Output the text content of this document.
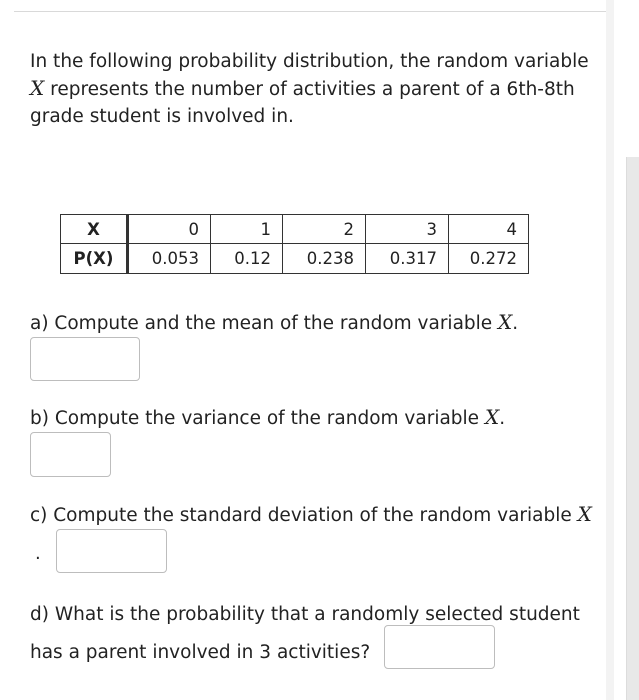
In the following probability distribution, the random variable
X represents the number of activities a parent of a 6th-8th grade student is involved in.
X	0	1	2	3	4
P(X)	0.053	0.12	0.238	0.317	0.272
a) Compute and the mean of the random variable X.
b) Compute the variance of the random variable X.
c) Compute the standard deviation of the random variable X
.
d) What is the probability that a randomly selected student
has a parent involved in 3 activities?
